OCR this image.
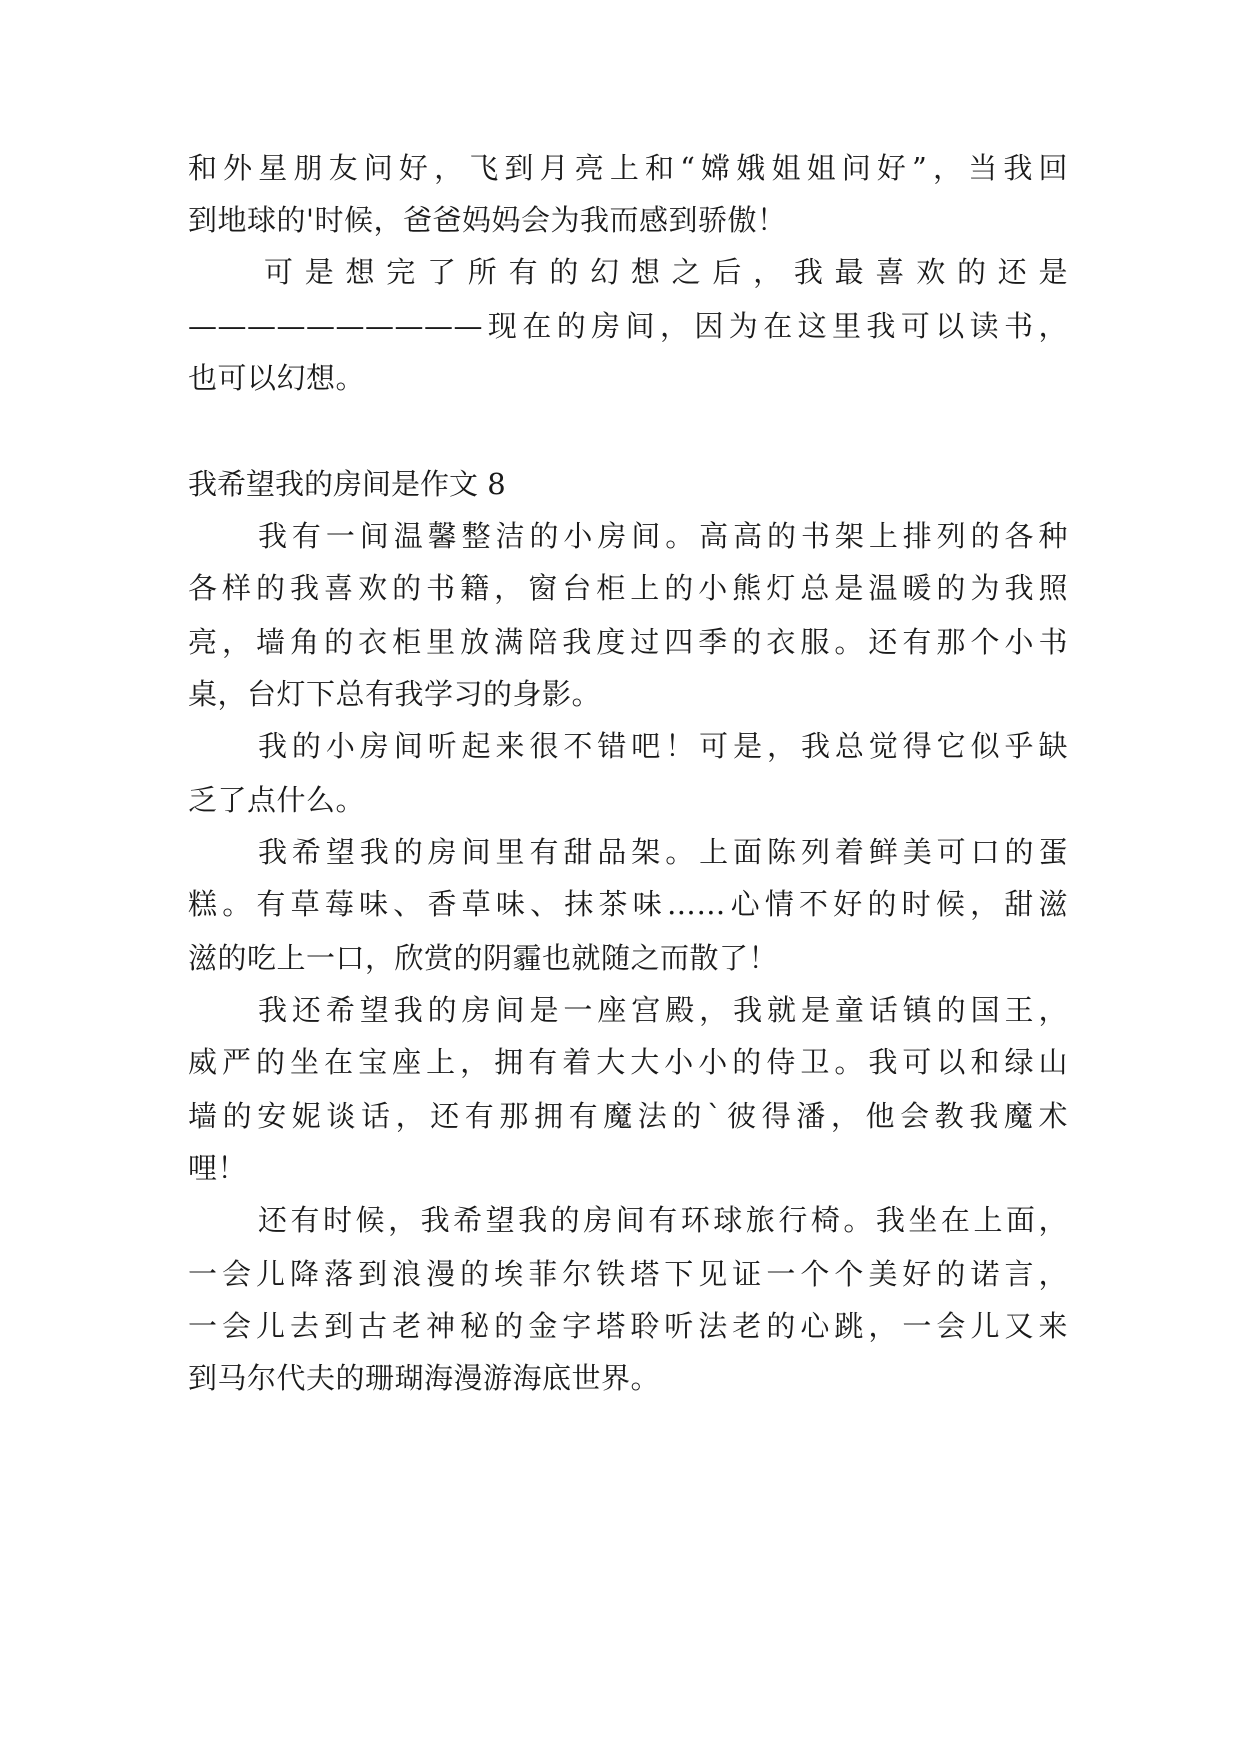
和外星朋友问好，飞到月亮上和“嫦娥姐姐问好”，当我回
到地球的'时候，爸爸妈妈会为我而感到骄傲！
可是想完了所有的幻想之后，我最喜欢的还是
——————————现在的房间，因为在这里我可以读书，
也可以幻想。
我希望我的房间是作文 8
我有一间温馨整洁的小房间。高高的书架上排列的各种
各样的我喜欢的书籍，窗台柜上的小熊灯总是温暖的为我照
亮，墙角的衣柜里放满陪我度过四季的衣服。还有那个小书
桌，台灯下总有我学习的身影。
我的小房间听起来很不错吧！可是，我总觉得它似乎缺
乏了点什么。
我希望我的房间里有甜品架。上面陈列着鲜美可口的蛋
糕。有草莓味、香草味、抹茶味……心情不好的时候，甜滋
滋的吃上一口，欣赏的阴霾也就随之而散了！
我还希望我的房间是一座宫殿，我就是童话镇的国王，
威严的坐在宝座上，拥有着大大小小的侍卫。我可以和绿山
墙的安妮谈话，还有那拥有魔法的`彼得潘，他会教我魔术
哩！
还有时候，我希望我的房间有环球旅行椅。我坐在上面，
一会儿降落到浪漫的埃菲尔铁塔下见证一个个美好的诺言，
一会儿去到古老神秘的金字塔聆听法老的心跳，一会儿又来
到马尔代夫的珊瑚海漫游海底世界。
